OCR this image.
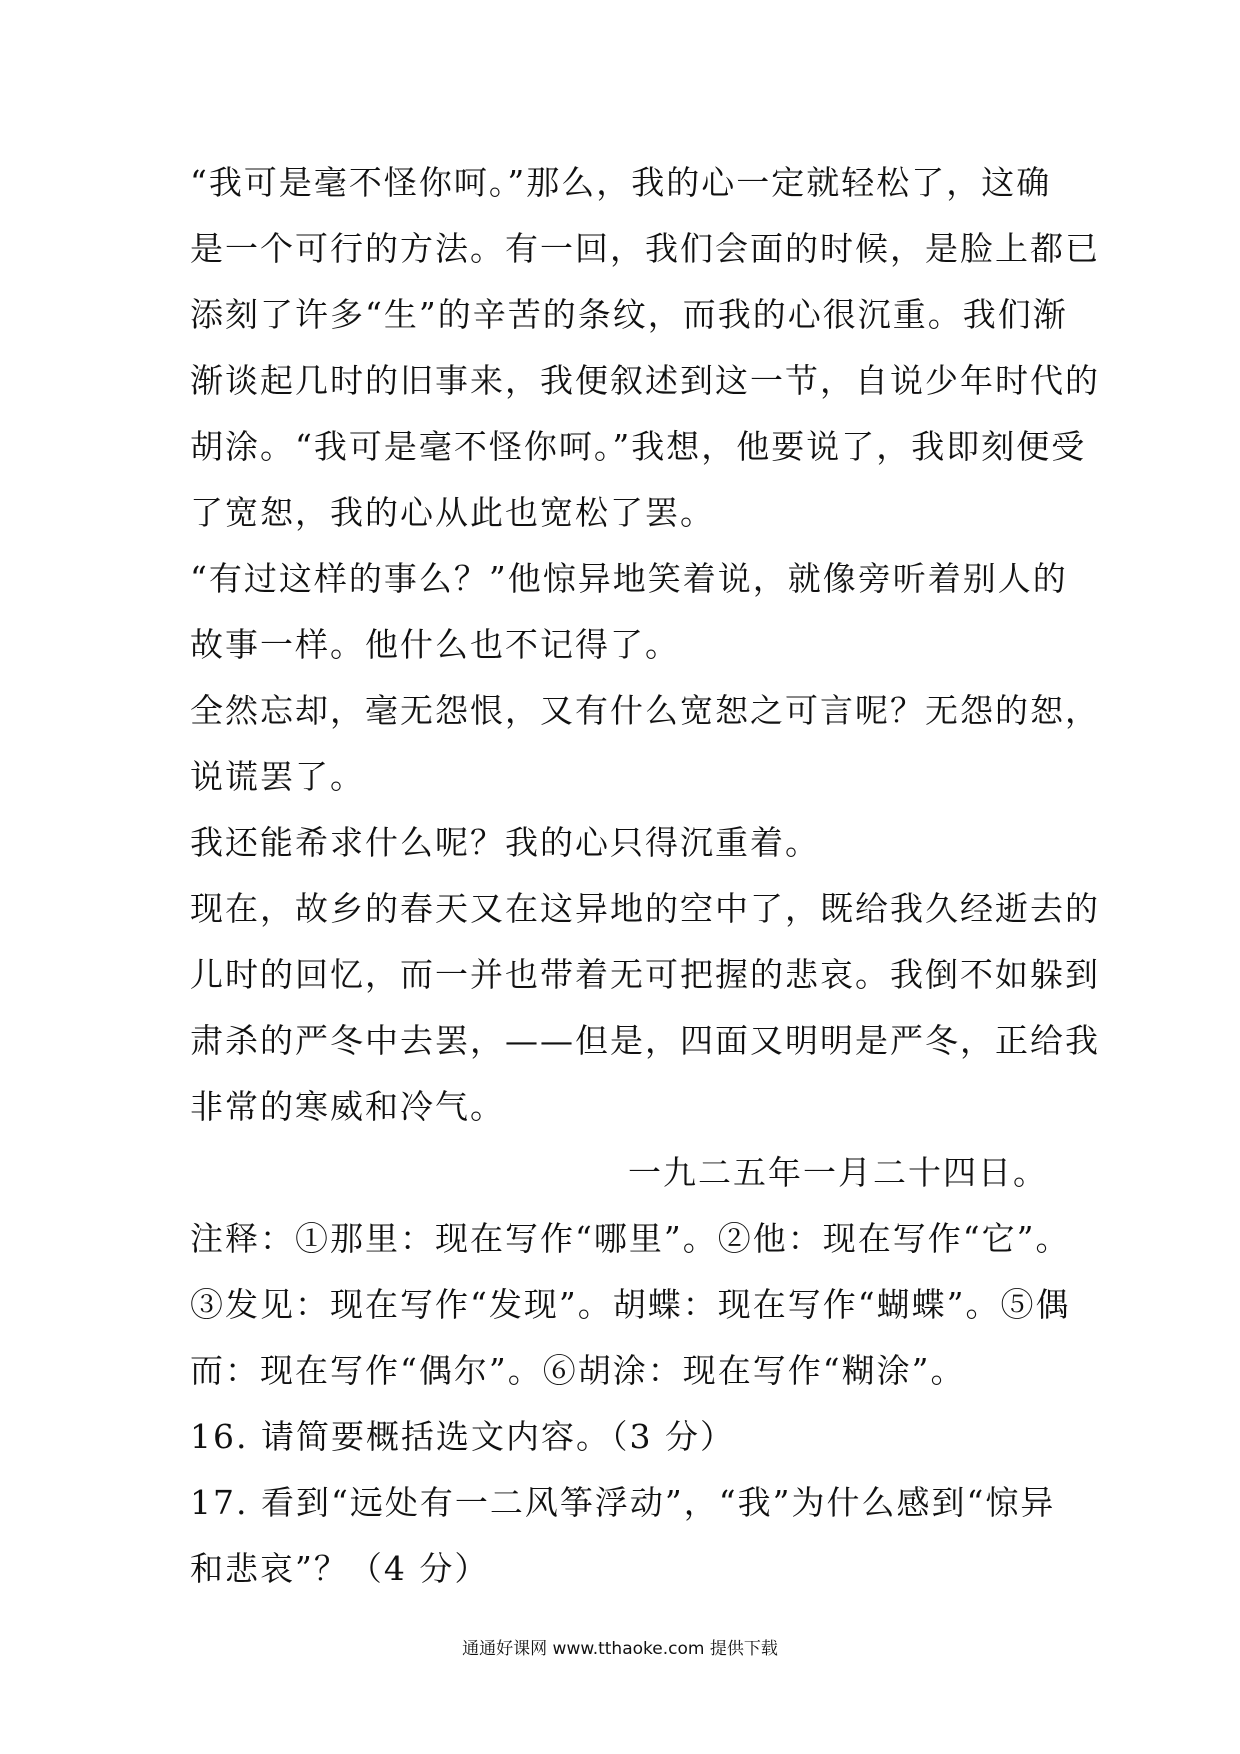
“我可是毫不怪你呵。”那么，我的心一定就轻松了，这确
是一个可行的方法。有一回，我们会面的时候，是脸上都已
添刻了许多“生”的辛苦的条纹，而我的心很沉重。我们渐
渐谈起几时的旧事来，我便叙述到这一节，自说少年时代的
胡涂。“我可是毫不怪你呵。”我想，他要说了，我即刻便受
了宽恕，我的心从此也宽松了罢。
“有过这样的事么？”他惊异地笑着说，就像旁听着别人的
故事一样。他什么也不记得了。
全然忘却，毫无怨恨，又有什么宽恕之可言呢？无怨的恕，
说谎罢了。
我还能希求什么呢？我的心只得沉重着。
现在，故乡的春天又在这异地的空中了，既给我久经逝去的
儿时的回忆，而一并也带着无可把握的悲哀。我倒不如躲到
肃杀的严冬中去罢，——但是，四面又明明是严冬，正给我
非常的寒威和冷气。
一九二五年一月二十四日。
注释：①那里：现在写作“哪里”。②他：现在写作“它”。
③发见：现在写作“发现”。胡蝶：现在写作“蝴蝶”。⑤偶
而：现在写作“偶尔”。⑥胡涂：现在写作“糊涂”。
16. 请简要概括选文内容。（3 分）
17. 看到“远处有一二风筝浮动”，“我”为什么感到“惊异
和悲哀”？（4 分）
通通好课网 www.tthaoke.com 提供下载
